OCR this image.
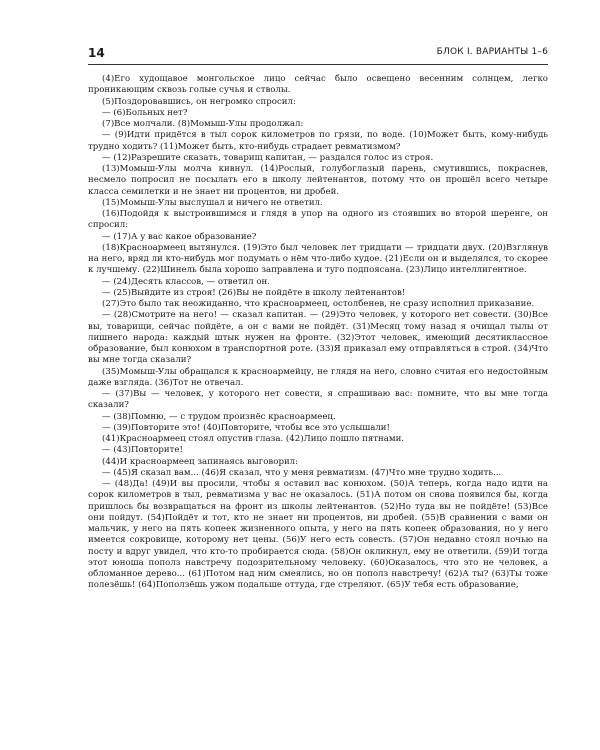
14	БЛОК I. ВАРИАНТЫ 1–6

(4)Его худощавое монгольское лицо сейчас было освещено весенним солнцем, легко проникающим сквозь голые сучья и стволы.

(5)Поздоровавшись, он негромко спросил:

— (6)Больных нет?

(7)Все молчали. (8)Момыш-Улы продолжал:

— (9)Идти придётся в тыл сорок километров по грязи, по воде. (10)Может быть, кому-нибудь трудно ходить? (11)Может быть, кто-нибудь страдает ревматизмом?

— (12)Разрешите сказать, товарищ капитан, — раздался голос из строя.

(13)Момыш-Улы молча кивнул. (14)Рослый, голубоглазый парень, смутившись, покраснев, несмело попросил не посылать его в школу лейтенантов, потому что он прошёл всего четыре класса семилетки и не знает ни процентов, ни дробей.

(15)Момыш-Улы выслушал и ничего не ответил.

(16)Подойдя к выстроившимся и глядя в упор на одного из стоявших во второй шеренге, он спросил:

— (17)А у вас какое образование?

(18)Красноармеец вытянулся. (19)Это был человек лет тридцати — тридцати двух. (20)Взглянув на него, вряд ли кто-нибудь мог подумать о нём что-либо худое. (21)Если он и выделялся, то скорее к лучшему. (22)Шинель была хорошо заправлена и туго подпоясана. (23)Лицо интеллигентное.

— (24)Десять классов, — ответил он.

— (25)Выйдите из строя! (26)Вы не пойдёте в школу лейтенантов!

(27)Это было так неожиданно, что красноармеец, остолбенев, не сразу исполнил приказание.

— (28)Смотрите на него! — сказал капитан. — (29)Это человек, у которого нет совести. (30)Все вы, товарищи, сейчас пойдёте, а он с вами не пойдёт. (31)Месяц тому назад я очищал тылы от лишнего народа: каждый штык нужен на фронте. (32)Этот человек, имеющий десятиклассное образование, был конюхом в транспортной роте. (33)Я приказал ему отправляться в строй. (34)Что вы мне тогда сказали?

(35)Момыш-Улы обращался к красноармейцу, не глядя на него, словно считая его недостойным даже взгляда. (36)Тот не отвечал.

— (37)Вы — человек, у которого нет совести, я спрашиваю вас: помните, что вы мне тогда сказали?

— (38)Помню, — с трудом произнёс красноармеец.

— (39)Повторите это! (40)Повторите, чтобы все это услышали!

(41)Красноармеец стоял опустив глаза. (42)Лицо пошло пятнами.

— (43)Повторите!

(44)И красноармеец запинаясь выговорил:

— (45)Я сказал вам... (46)Я сказал, что у меня ревматизм. (47)Что мне трудно ходить...

— (48)Да! (49)И вы просили, чтобы я оставил вас конюхом. (50)А теперь, когда надо идти на сорок километров в тыл, ревматизма у вас не оказалось. (51)А потом он снова появился бы, когда пришлось бы возвращаться на фронт из школы лейтенантов. (52)Но туда вы не пойдёте! (53)Все они пойдут. (54)Пойдёт и тот, кто не знает ни процентов, ни дробей. (55)В сравнении с вами он мальчик, у него на пять копеек жизненного опыта, у него на пять копеек образования, но у него имеется сокровище, которому нет цены. (56)У него есть совесть. (57)Он недавно стоял ночью на посту и вдруг увидел, что кто-то пробирается сюда. (58)Он окликнул, ему не ответили. (59)И тогда этот юноша пополз навстречу подозрительному человеку. (60)Оказалось, что это не человек, а обломанное дерево... (61)Потом над ним смеялись, но он пополз навстречу! (62)А ты? (63)Ты тоже полезёшь! (64)Поползёшь ужом подальше оттуда, где стреляют. (65)У тебя есть образование,
